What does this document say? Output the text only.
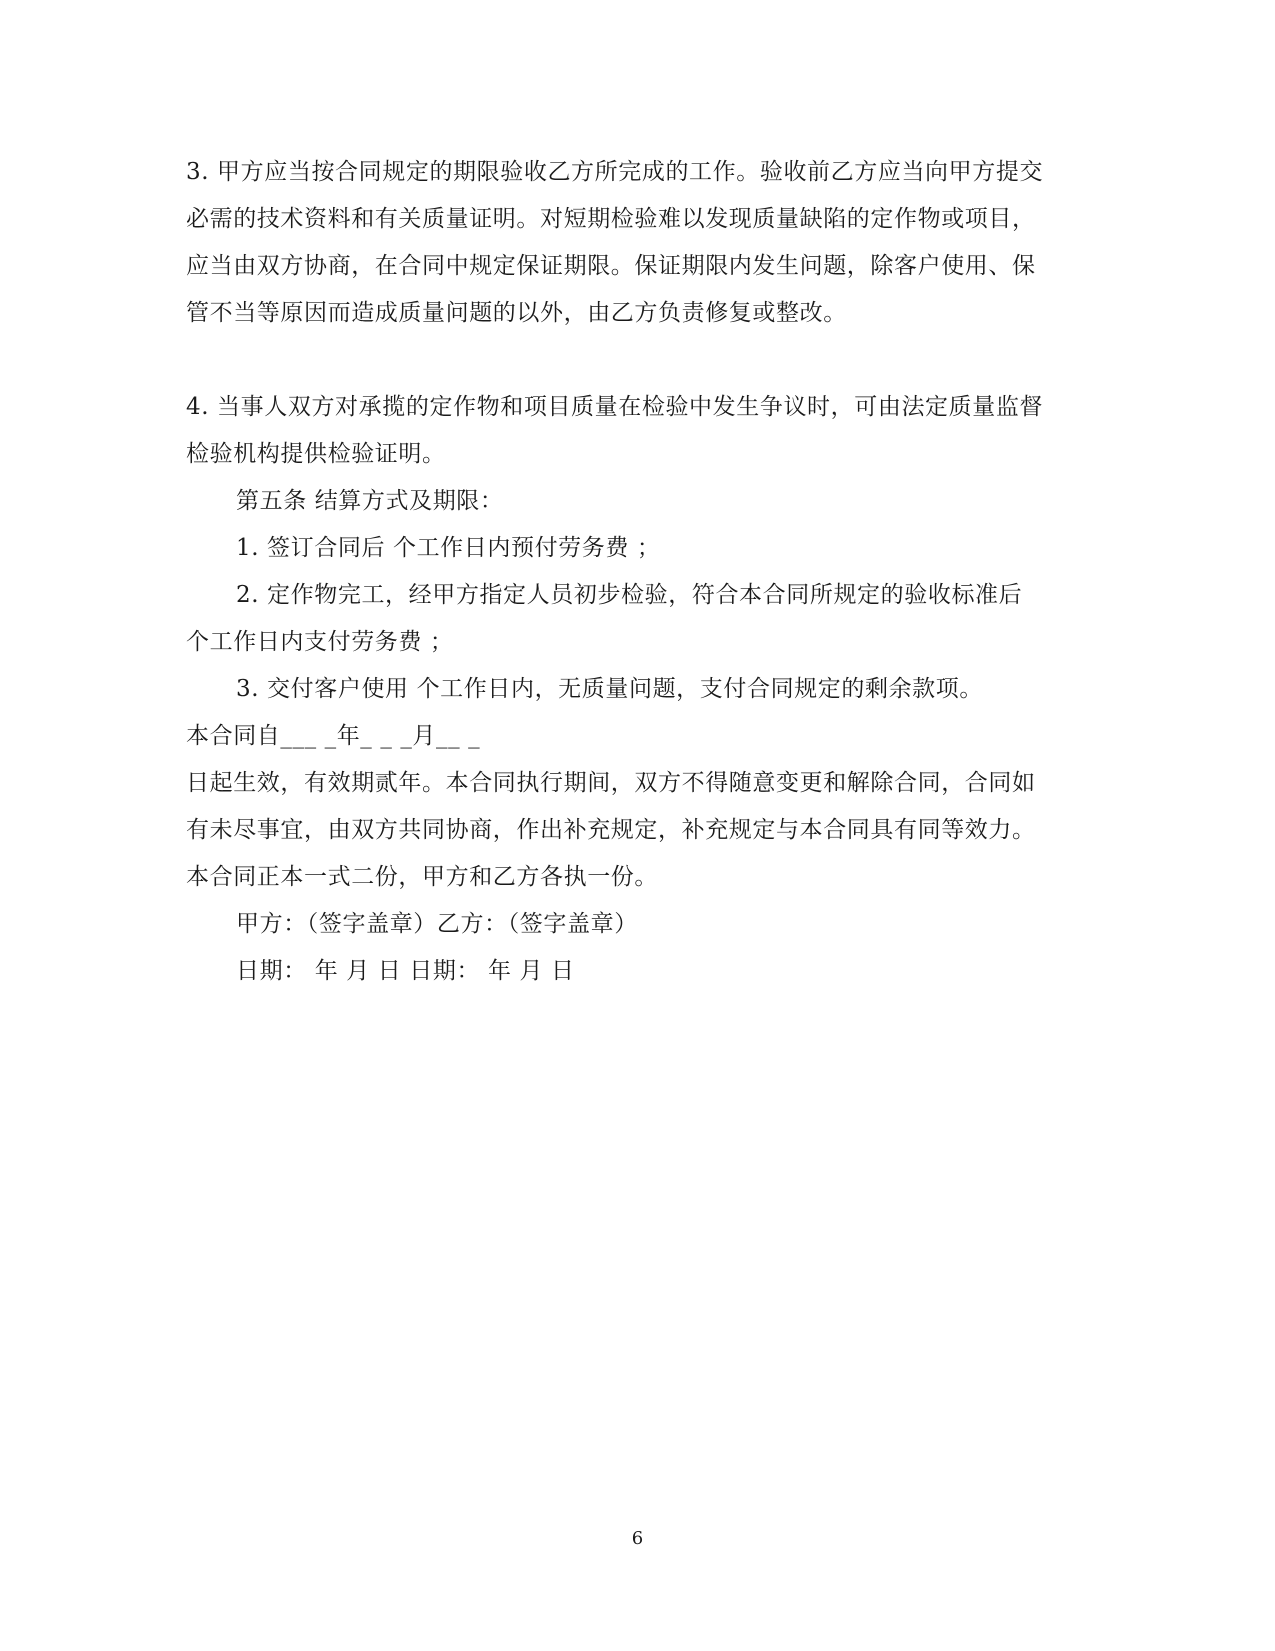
3. 甲方应当按合同规定的期限验收乙方所完成的工作。验收前乙方应当向甲方提交
必需的技术资料和有关质量证明。对短期检验难以发现质量缺陷的定作物或项目，
应当由双方协商，在合同中规定保证期限。保证期限内发生问题，除客户使用、保
管不当等原因而造成质量问题的以外，由乙方负责修复或整改。
4. 当事人双方对承揽的定作物和项目质量在检验中发生争议时，可由法定质量监督
检验机构提供检验证明。
第五条 结算方式及期限：
1. 签订合同后 个工作日内预付劳务费 ；
2. 定作物完工，经甲方指定人员初步检验，符合本合同所规定的验收标准后
个工作日内支付劳务费 ；
3. 交付客户使用 个工作日内，无质量问题，支付合同规定的剩余款项。
本合同自___ _年_ _ _月__ _
日起生效，有效期贰年。本合同执行期间，双方不得随意变更和解除合同，合同如
有未尽事宜，由双方共同协商，作出补充规定，补充规定与本合同具有同等效力。
本合同正本一式二份，甲方和乙方各执一份。
甲方：（签字盖章）乙方：（签字盖章）
日期： 年 月 日 日期： 年 月 日
6
